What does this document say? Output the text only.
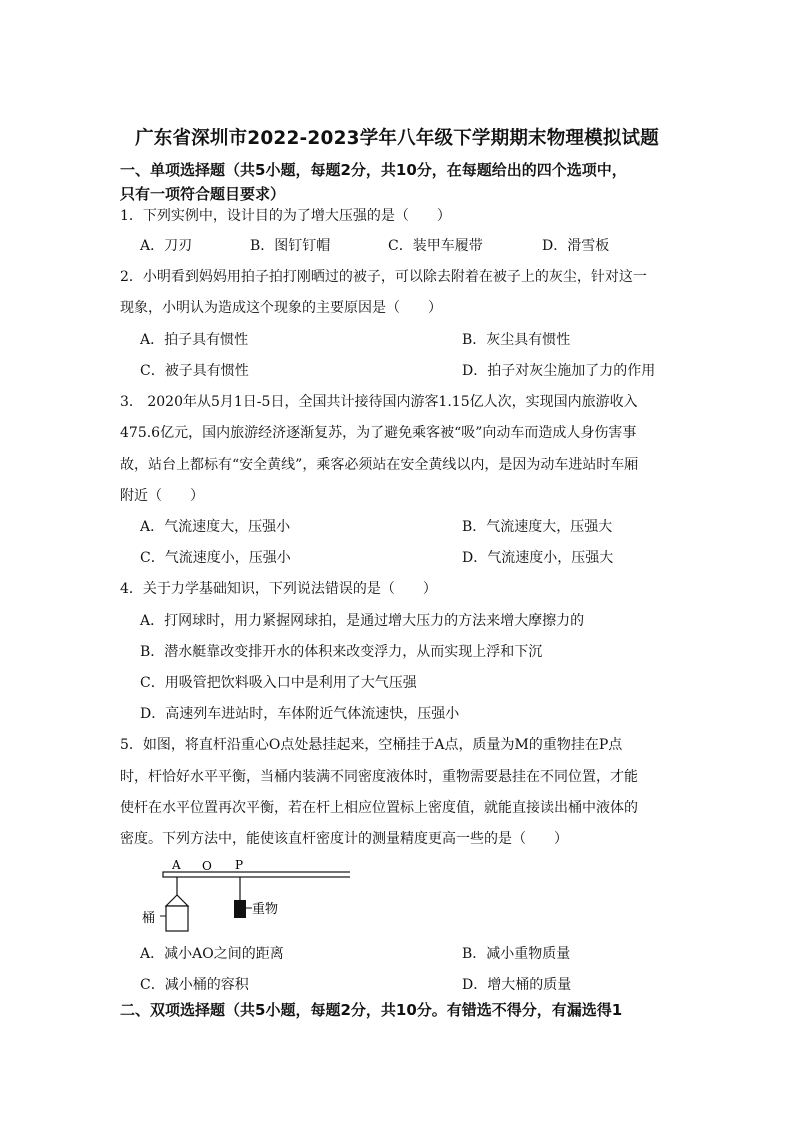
广东省深圳市2022-2023学年八年级下学期期末物理模拟试题
一、单项选择题（共5小题，每题2分，共10分，在每题给出的四个选项中，
只有一项符合题目要求）
1．下列实例中，设计目的为了增大压强的是（　　）
A．刀刃	B．图钉钉帽	C．装甲车履带	D．滑雪板
2．小明看到妈妈用拍子拍打刚晒过的被子，可以除去附着在被子上的灰尘，针对这一
现象，小明认为造成这个现象的主要原因是（　　）
A．拍子具有惯性	B．灰尘具有惯性
C．被子具有惯性	D．拍子对灰尘施加了力的作用
3． 2020年从5月1日-5日，全国共计接待国内游客1.15亿人次，实现国内旅游收入
475.6亿元，国内旅游经济逐渐复苏，为了避免乘客被“吸”向动车而造成人身伤害事
故，站台上都标有“安全黄线”，乘客必须站在安全黄线以内，是因为动车进站时车厢
附近（　　）
A．气流速度大，压强小	B．气流速度大，压强大
C．气流速度小，压强小	D．气流速度小，压强大
4．关于力学基础知识，下列说法错误的是（　　）
A．打网球时，用力紧握网球拍，是通过增大压力的方法来增大摩擦力的
B．潜水艇靠改变排开水的体积来改变浮力，从而实现上浮和下沉
C．用吸管把饮料吸入口中是利用了大气压强
D．高速列车进站时，车体附近气体流速快，压强小
5．如图，将直杆沿重心O点处悬挂起来，空桶挂于A点，质量为M的重物挂在P点
时，杆恰好水平平衡，当桶内装满不同密度液体时，重物需要悬挂在不同位置，才能
使杆在水平位置再次平衡，若在杆上相应位置标上密度值，就能直接读出桶中液体的
密度。下列方法中，能使该直杆密度计的测量精度更高一些的是（　　）
A O P
桶
重物
A．减小AO之间的距离	B．减小重物质量
C．减小桶的容积	D．增大桶的质量
二、双项选择题（共5小题，每题2分，共10分。有错选不得分，有漏选得1
